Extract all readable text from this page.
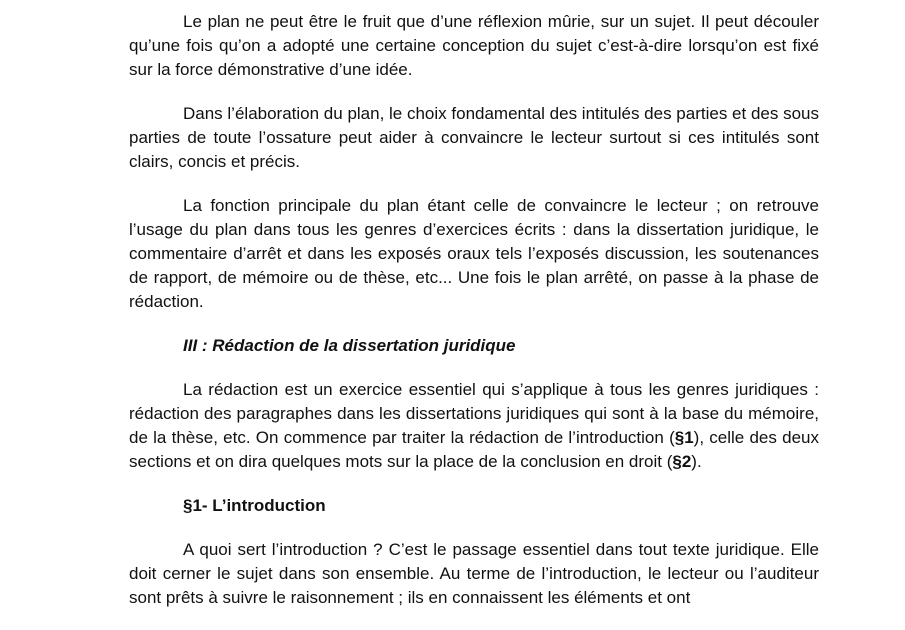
Le plan ne peut être le fruit que d’une réflexion mûrie, sur un sujet. Il peut découler qu’une fois qu’on a adopté une certaine conception du sujet c’est-à-dire lorsqu’on est fixé sur la force démonstrative d’une idée.

Dans l’élaboration du plan, le choix fondamental des intitulés des parties et des sous parties de toute l’ossature peut aider à convaincre le lecteur surtout si ces intitulés sont clairs, concis et précis.

La fonction principale du plan étant celle de convaincre le lecteur ; on retrouve l’usage du plan dans tous les genres d’exercices écrits : dans la dissertation juridique, le commentaire d’arrêt et dans les exposés oraux tels l’exposés discussion, les soutenances de rapport, de mémoire ou de thèse, etc... Une fois le plan arrêté, on passe à la phase de rédaction.

III : Rédaction de la dissertation juridique

La rédaction est un exercice essentiel qui s’applique à tous les genres juridiques : rédaction des paragraphes dans les dissertations juridiques qui sont à la base du mémoire, de la thèse, etc. On commence par traiter la rédaction de l’introduction (§1), celle des deux sections et on dira quelques mots sur la place de la conclusion en droit (§2).

§1- L’introduction

A quoi sert l’introduction ? C’est le passage essentiel dans tout texte juridique. Elle doit cerner le sujet dans son ensemble. Au terme de l’introduction, le lecteur ou l’auditeur sont prêts à suivre le raisonnement ; ils en connaissent les éléments et ont
